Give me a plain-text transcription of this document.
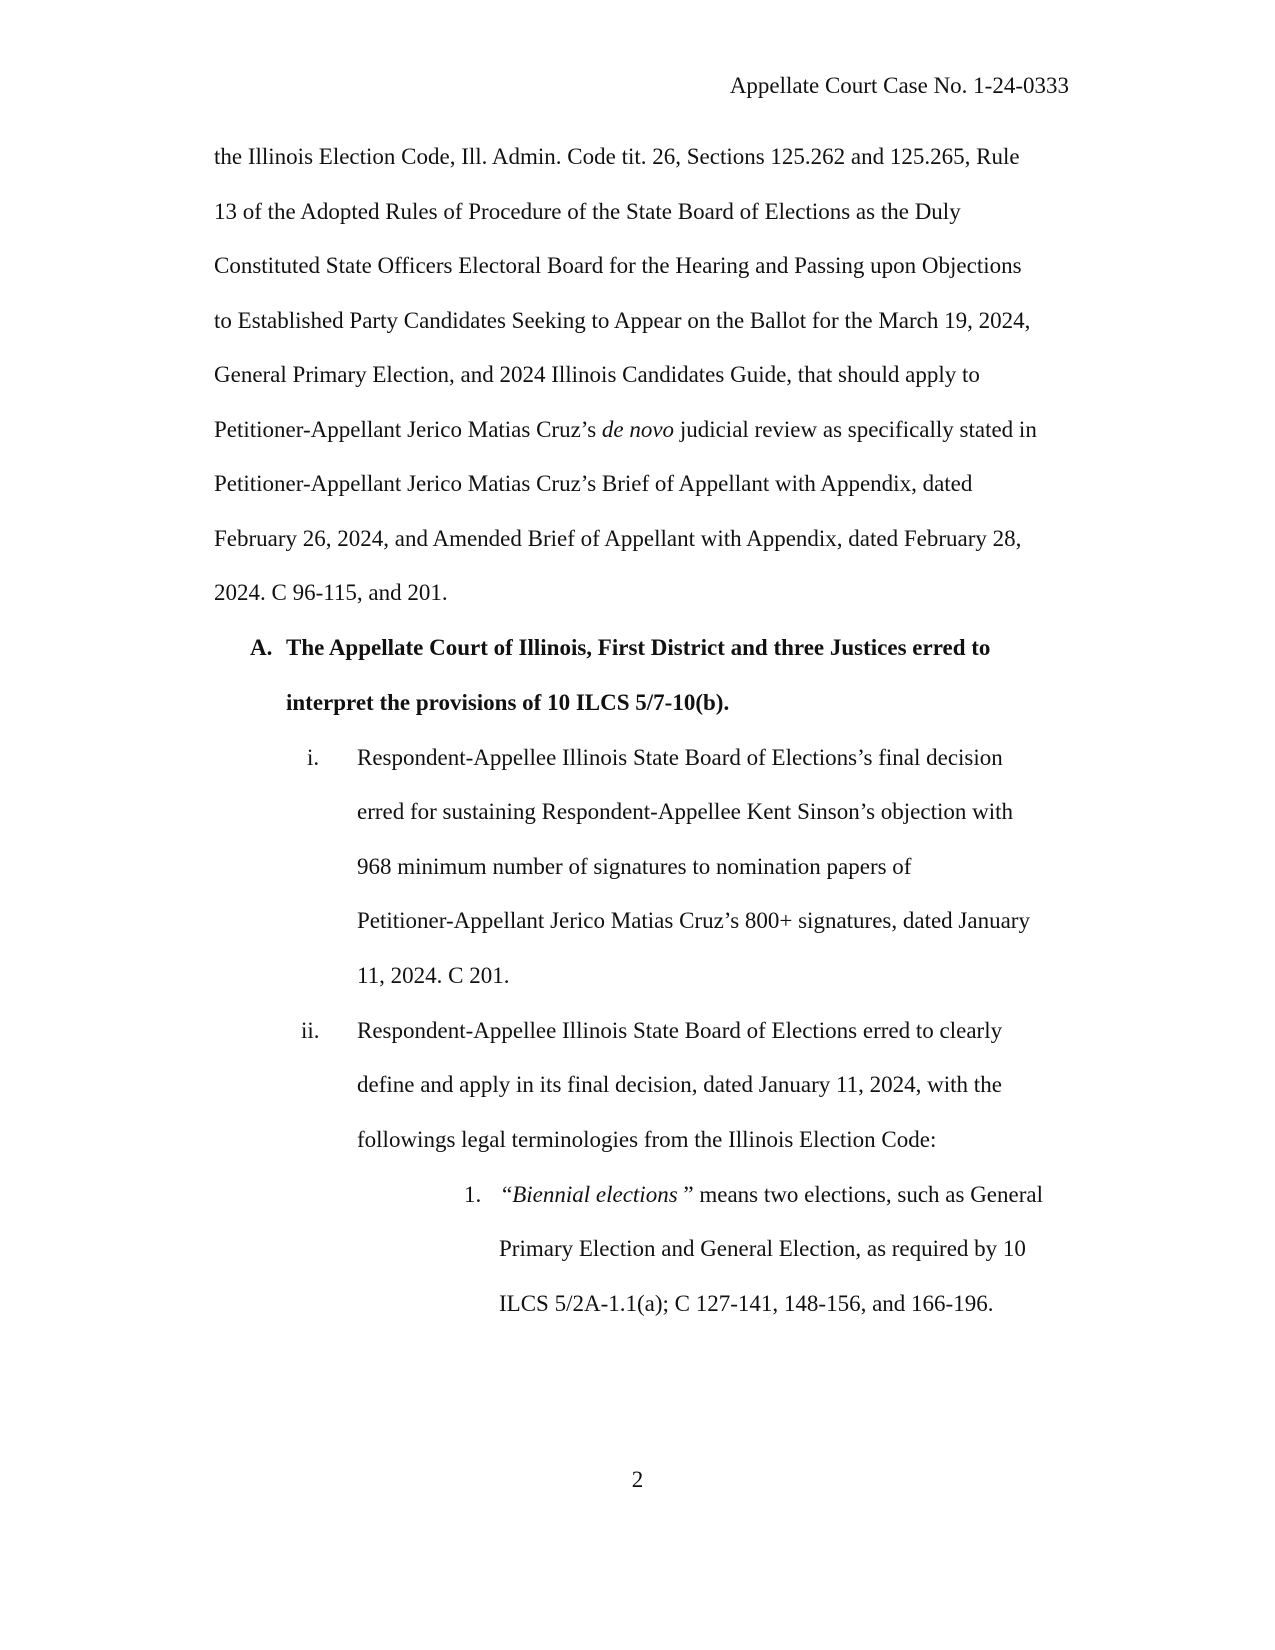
Appellate Court Case No. 1-24-0333
the Illinois Election Code, Ill. Admin. Code tit. 26, Sections 125.262 and 125.265, Rule
13 of the Adopted Rules of Procedure of the State Board of Elections as the Duly
Constituted State Officers Electoral Board for the Hearing and Passing upon Objections
to Established Party Candidates Seeking to Appear on the Ballot for the March 19, 2024,
General Primary Election, and 2024 Illinois Candidates Guide, that should apply to
Petitioner-Appellant Jerico Matias Cruz’s de novo judicial review as specifically stated in
Petitioner-Appellant Jerico Matias Cruz’s Brief of Appellant with Appendix, dated
February 26, 2024, and Amended Brief of Appellant with Appendix, dated February 28,
2024. C 96-115, and 201.
A. The Appellate Court of Illinois, First District and three Justices erred to
interpret the provisions of 10 ILCS 5/7-10(b).
i. Respondent-Appellee Illinois State Board of Elections’s final decision
erred for sustaining Respondent-Appellee Kent Sinson’s objection with
968 minimum number of signatures to nomination papers of
Petitioner-Appellant Jerico Matias Cruz’s 800+ signatures, dated January
11, 2024. C 201.
ii. Respondent-Appellee Illinois State Board of Elections erred to clearly
define and apply in its final decision, dated January 11, 2024, with the
followings legal terminologies from the Illinois Election Code:
1. “Biennial elections ” means two elections, such as General
Primary Election and General Election, as required by 10
ILCS 5/2A-1.1(a); C 127-141, 148-156, and 166-196.
2
